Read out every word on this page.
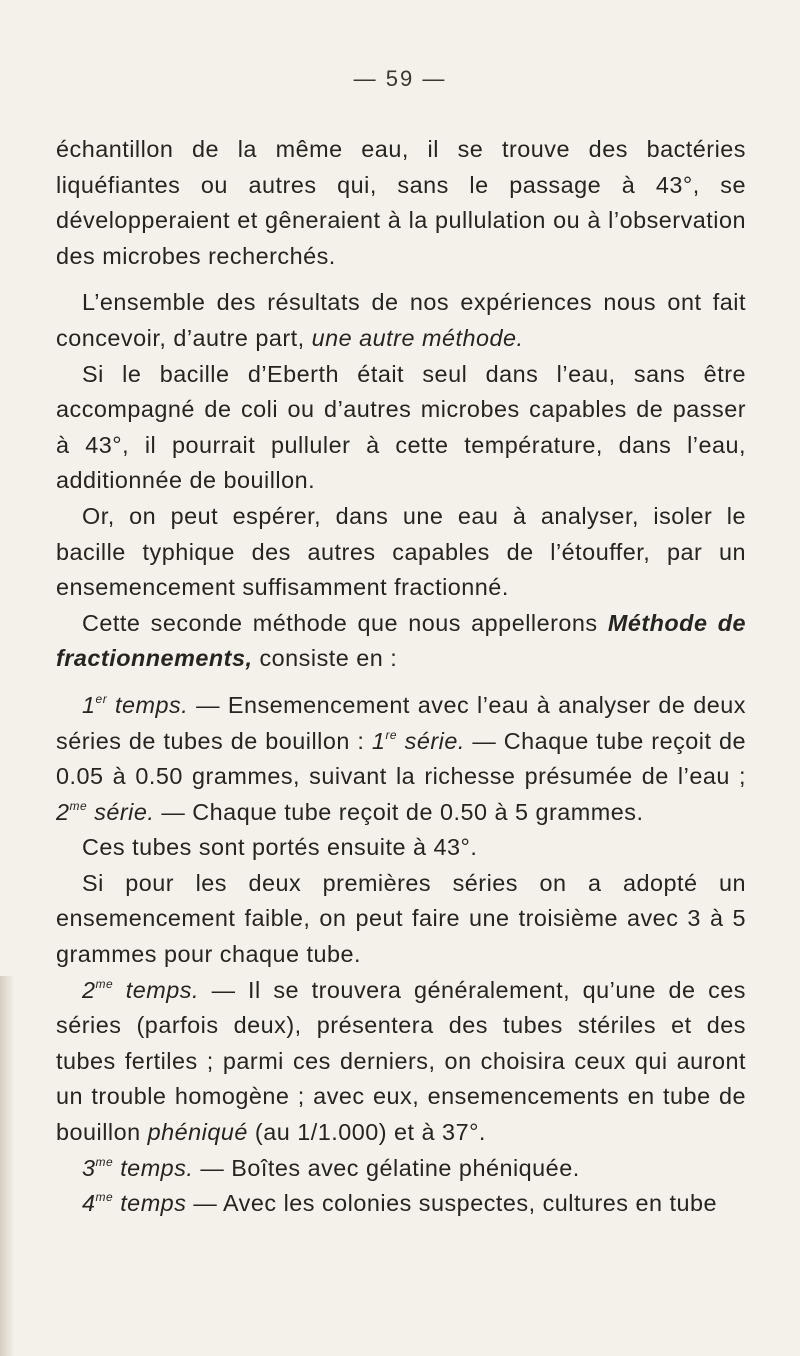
— 59 —

échantillon de la même eau, il se trouve des bactéries liquéfiantes ou autres qui, sans le passage à 43°, se développeraient et gêneraient à la pullulation ou à l’observation des microbes recherchés.

L’ensemble des résultats de nos expériences nous ont fait concevoir, d’autre part, une autre méthode.

Si le bacille d’Eberth était seul dans l’eau, sans être accompagné de coli ou d’autres microbes capables de passer à 43°, il pourrait pulluler à cette température, dans l’eau, additionnée de bouillon.

Or, on peut espérer, dans une eau à analyser, isoler le bacille typhique des autres capables de l’étouffer, par un ensemencement suffisamment fractionné.

Cette seconde méthode que nous appellerons Méthode de fractionnements, consiste en :

1er temps. — Ensemencement avec l’eau à analyser de deux séries de tubes de bouillon : 1re série. — Chaque tube reçoit de 0.05 à 0.50 grammes, suivant la richesse présumée de l’eau ; $2^{me}$ série. — Chaque tube reçoit de 0.50 à 5 grammes.

Ces tubes sont portés ensuite à 43°.

Si pour les deux premières séries on a adopté un ensemencement faible, on peut faire une troisième avec 3 à 5 grammes pour chaque tube.

$2^{me}$ temps. — Il se trouvera généralement, qu’une de ces séries (parfois deux), présentera des tubes stériles et des tubes fertiles ; parmi ces derniers, on choisira ceux qui auront un trouble homogène ; avec eux, ensemencements en tube de bouillon phéniqué (au 1/1.000) et à 37°.

$3^{me}$ temps. — Boîtes avec gélatine phéniquée.

$4^{me}$ temps — Avec les colonies suspectes, cultures en tube
